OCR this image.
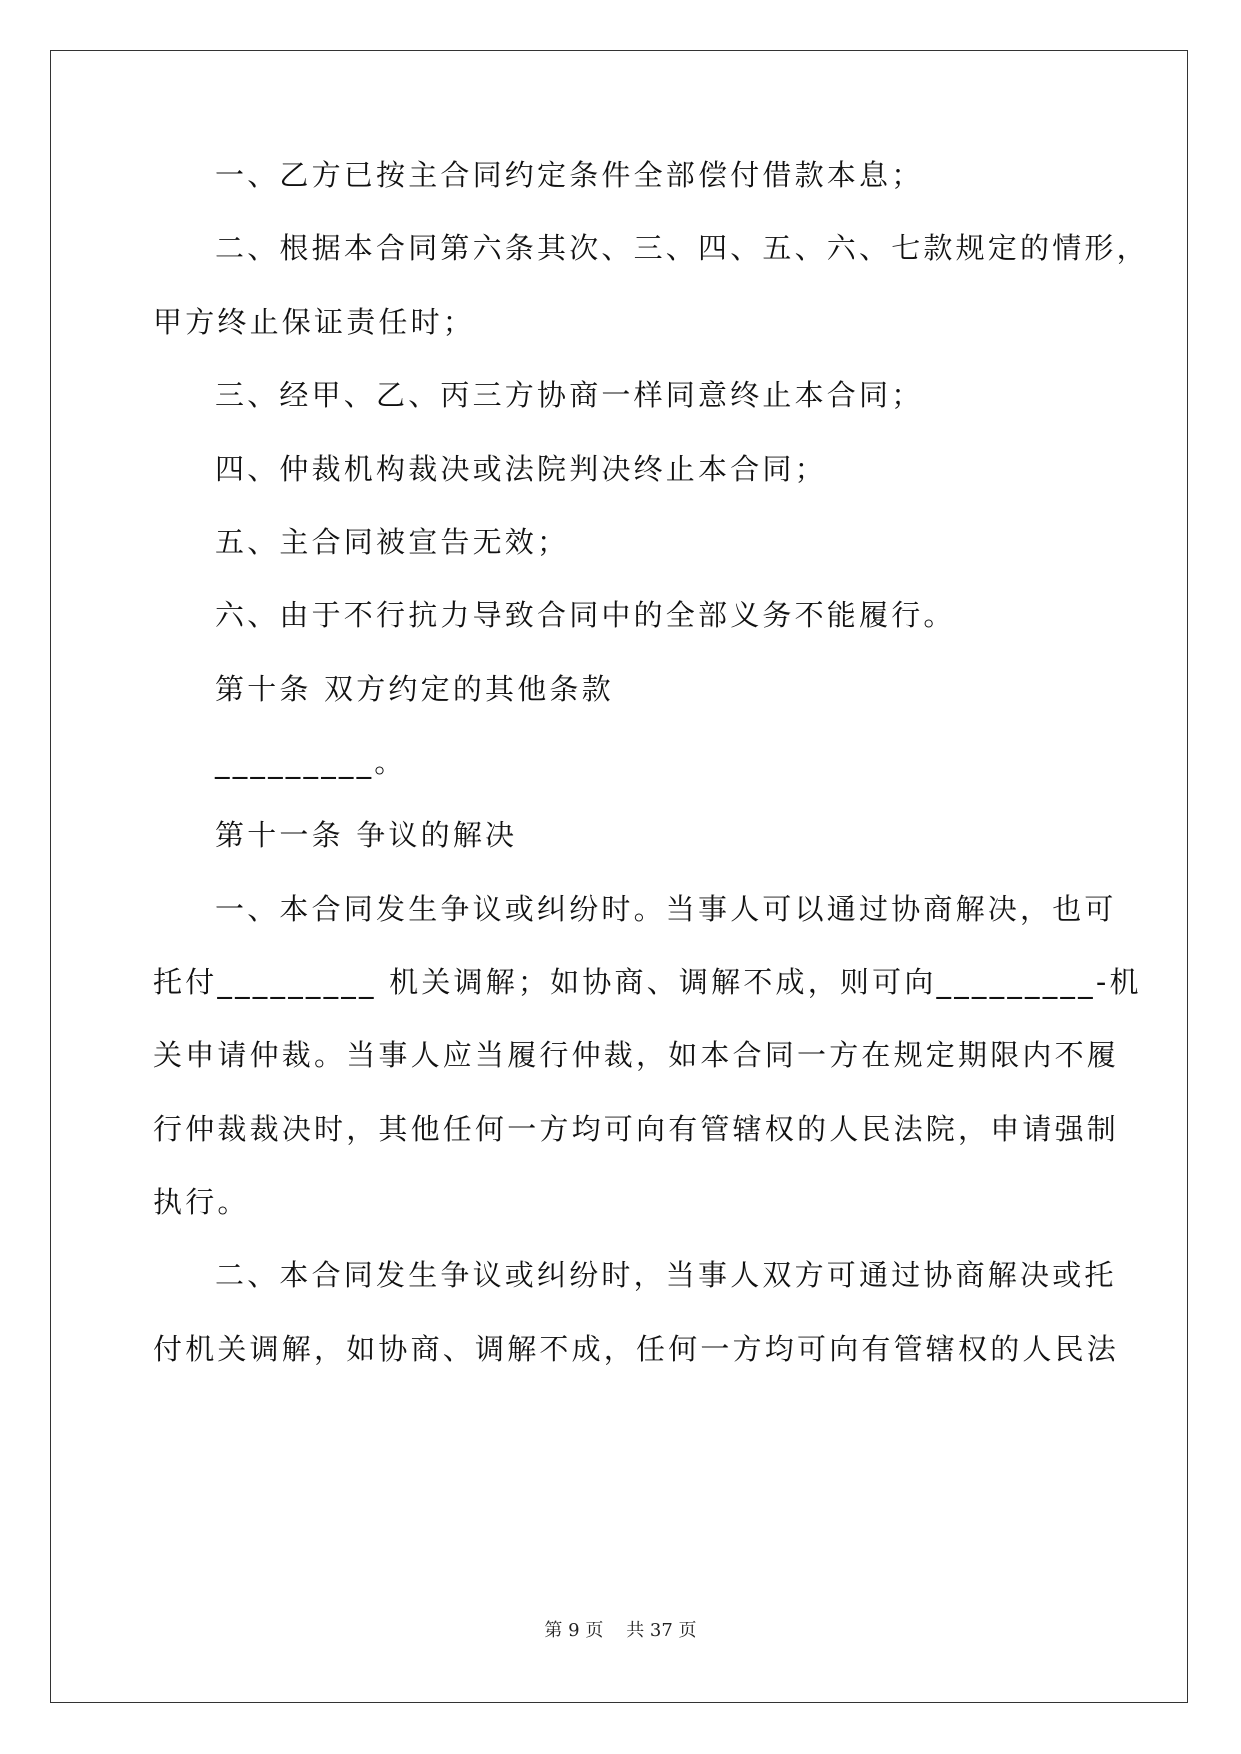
一、乙方已按主合同约定条件全部偿付借款本息；
二、根据本合同第六条其次、三、四、五、六、七款规定的情形，
甲方终止保证责任时；
三、经甲、乙、丙三方协商一样同意终止本合同；
四、仲裁机构裁决或法院判决终止本合同；
五、主合同被宣告无效；
六、由于不行抗力导致合同中的全部义务不能履行。
第十条 双方约定的其他条款
_________。
第十一条 争议的解决
一、本合同发生争议或纠纷时。当事人可以通过协商解决，也可
托付_________ 机关调解；如协商、调解不成，则可向_________-机
关申请仲裁。当事人应当履行仲裁，如本合同一方在规定期限内不履
行仲裁裁决时，其他任何一方均可向有管辖权的人民法院，申请强制
执行。
二、本合同发生争议或纠纷时，当事人双方可通过协商解决或托
付机关调解，如协商、调解不成，任何一方均可向有管辖权的人民法
第 9 页    共 37 页
